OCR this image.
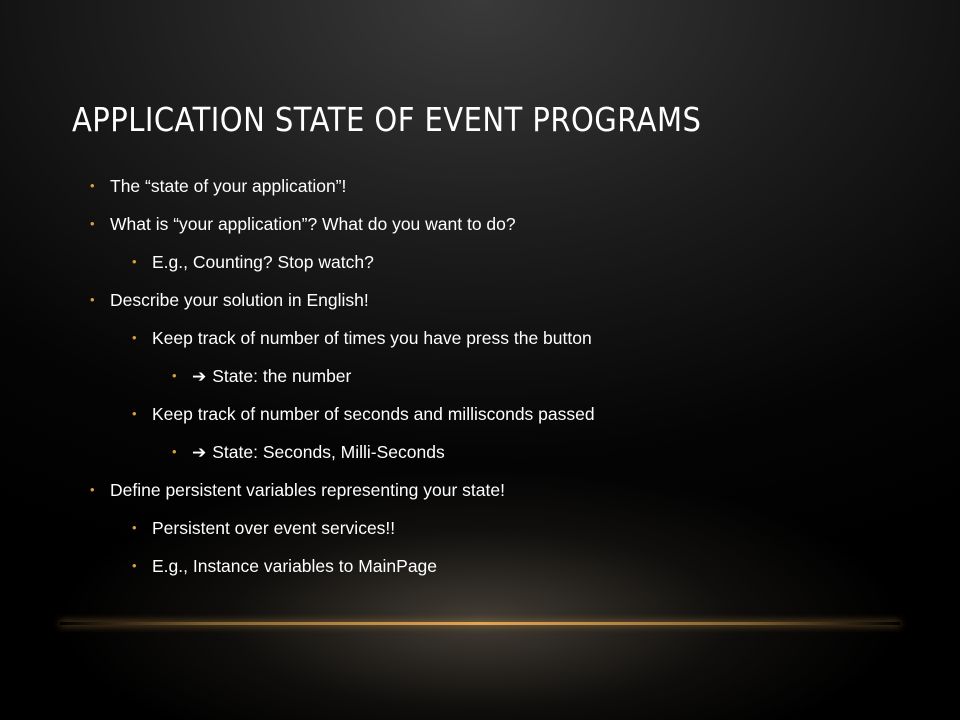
APPLICATION STATE OF EVENT PROGRAMS
• The “state of your application”!
• What is “your application”? What do you want to do?
• E.g., Counting? Stop watch?
• Describe your solution in English!
• Keep track of number of times you have press the button
• ➔ State: the number
• Keep track of number of seconds and millisconds passed
• ➔ State: Seconds, Milli-Seconds
• Define persistent variables representing your state!
• Persistent over event services!!
• E.g., Instance variables to MainPage
